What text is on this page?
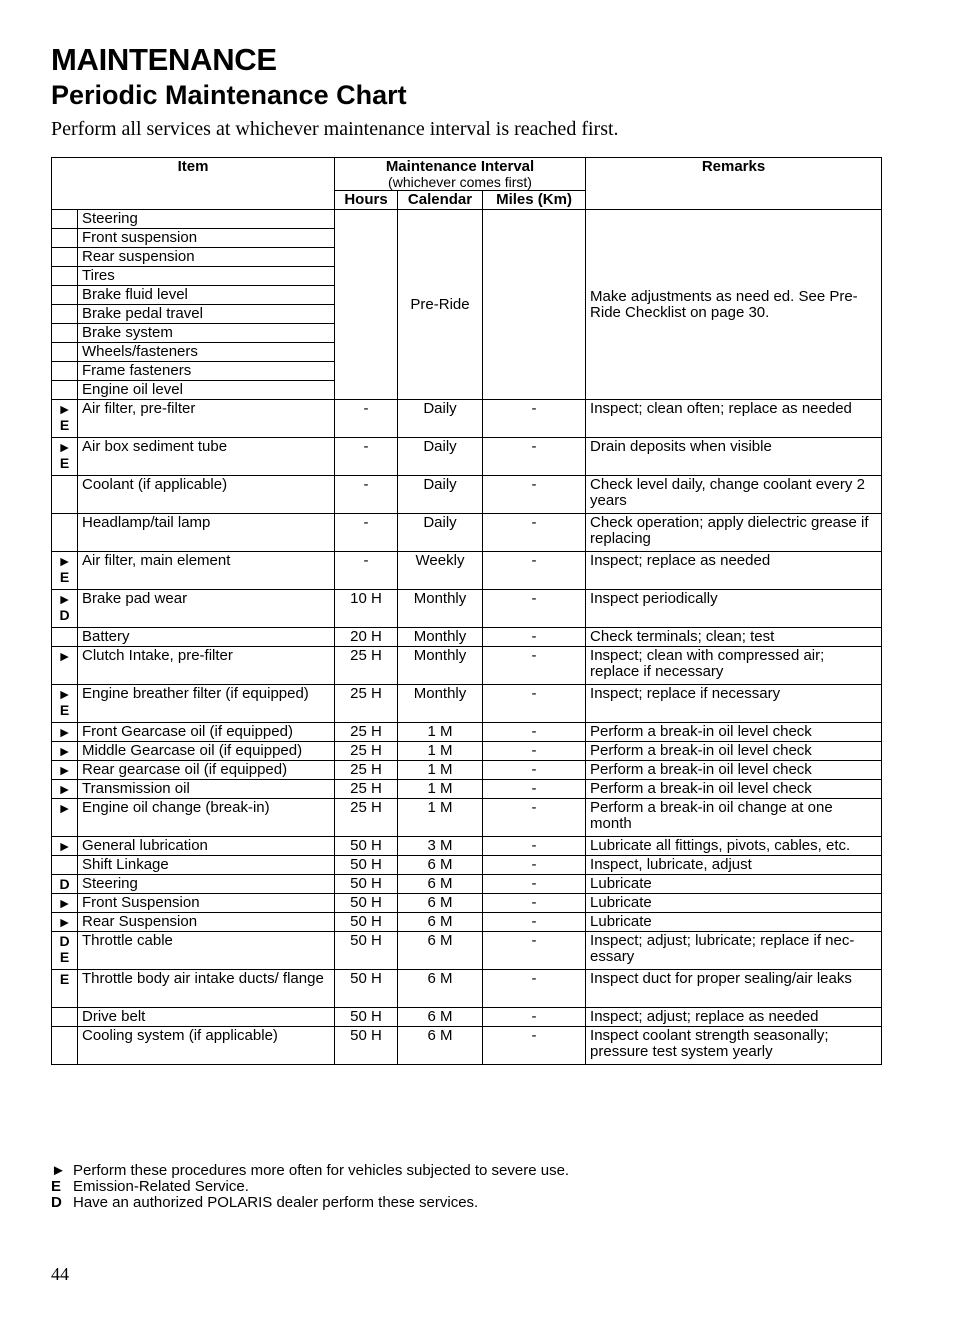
MAINTENANCE
Periodic Maintenance Chart
Perform all services at whichever maintenance interval is reached first.
Item		Maintenance Interval
(whichever comes first)			Remarks
		Hours	Calendar	Miles (Km)	
	Steering		Pre-Ride		Make adjustments as need ed. See Pre-Ride Checklist on page 30.
	Front suspension				
	Rear suspension				
	Tires				
	Brake fluid level				
	Brake pedal travel				
	Brake system				
	Wheels/fasteners				
	Frame fasteners				
	Engine oil level				
► E	Air filter, pre-filter	-	Daily	-	Inspect; clean often; replace as needed
► E	Air box sediment tube	-	Daily	-	Drain deposits when visible
	Coolant (if applicable)	-	Daily	-	Check level daily, change coolant every 2 years
	Headlamp/tail lamp	-	Daily	-	Check operation; apply dielectric grease if replacing
► E	Air filter, main element	-	Weekly	-	Inspect; replace as needed
► D	Brake pad wear	10 H	Monthly	-	Inspect periodically
	Battery	20 H	Monthly	-	Check terminals; clean; test
►	Clutch Intake, pre-filter	25 H	Monthly	-	Inspect; clean with compressed air; replace if necessary
► E	Engine breather filter (if equipped)	25 H	Monthly	-	Inspect; replace if necessary
►	Front Gearcase oil (if equipped)	25 H	1 M	-	Perform a break-in oil level check
►	Middle Gearcase oil (if equipped)	25 H	1 M	-	Perform a break-in oil level check
►	Rear gearcase oil (if equipped)	25 H	1 M	-	Perform a break-in oil level check
►	Transmission oil	25 H	1 M	-	Perform a break-in oil level check
►	Engine oil change (break-in)	25 H	1 M	-	Perform a break-in oil change at one month
►	General lubrication	50 H	3 M	-	Lubricate all fittings, pivots, cables, etc.
	Shift Linkage	50 H	6 M	-	Inspect, lubricate, adjust
D	Steering	50 H	6 M	-	Lubricate
►	Front Suspension	50 H	6 M	-	Lubricate
►	Rear Suspension	50 H	6 M	-	Lubricate
D E	Throttle cable	50 H	6 M	-	Inspect; adjust; lubricate; replace if nec-essary
E	Throttle body air intake ducts/ flange	50 H	6 M	-	Inspect duct for proper sealing/air leaks
	Drive belt	50 H	6 M	-	Inspect; adjust; replace as needed
	Cooling system (if applicable)	50 H	6 M	-	Inspect coolant strength seasonally; pressure test system yearly
► Perform these procedures more often for vehicles subjected to severe use.
E Emission-Related Service.
D Have an authorized POLARIS dealer perform these services.
44
